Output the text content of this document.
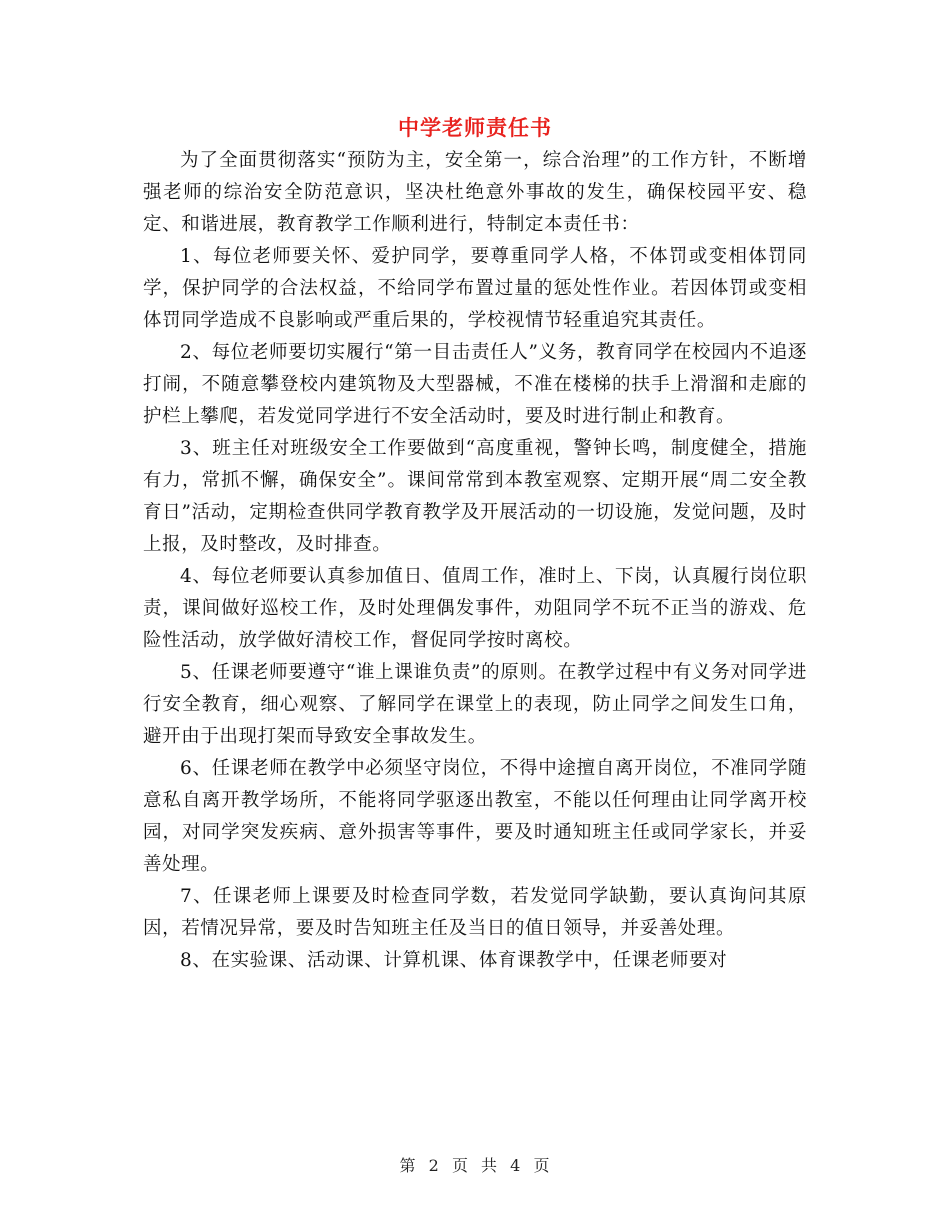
中学老师责任书

为了全面贯彻落实“预防为主，安全第一，综合治理”的工作方针，不断增强老师的综治安全防范意识，坚决杜绝意外事故的发生，确保校园平安、稳定、和谐进展，教育教学工作顺利进行，特制定本责任书：

1、每位老师要关怀、爱护同学，要尊重同学人格，不体罚或变相体罚同学，保护同学的合法权益，不给同学布置过量的惩处性作业。若因体罚或变相体罚同学造成不良影响或严重后果的，学校视情节轻重追究其责任。

2、每位老师要切实履行“第一目击责任人”义务，教育同学在校园内不追逐打闹，不随意攀登校内建筑物及大型器械，不准在楼梯的扶手上滑溜和走廊的护栏上攀爬，若发觉同学进行不安全活动时，要及时进行制止和教育。

3、班主任对班级安全工作要做到“高度重视，警钟长鸣，制度健全，措施有力，常抓不懈，确保安全”。课间常常到本教室观察、定期开展“周二安全教育日”活动，定期检查供同学教育教学及开展活动的一切设施，发觉问题，及时上报，及时整改，及时排查。

4、每位老师要认真参加值日、值周工作，准时上、下岗，认真履行岗位职责，课间做好巡校工作，及时处理偶发事件，劝阻同学不玩不正当的游戏、危险性活动，放学做好清校工作，督促同学按时离校。

5、任课老师要遵守“谁上课谁负责”的原则。在教学过程中有义务对同学进行安全教育，细心观察、了解同学在课堂上的表现，防止同学之间发生口角，避开由于出现打架而导致安全事故发生。

6、任课老师在教学中必须坚守岗位，不得中途擅自离开岗位，不准同学随意私自离开教学场所，不能将同学驱逐出教室，不能以任何理由让同学离开校园，对同学突发疾病、意外损害等事件，要及时通知班主任或同学家长，并妥善处理。

7、任课老师上课要及时检查同学数，若发觉同学缺勤，要认真询问其原因，若情况异常，要及时告知班主任及当日的值日领导，并妥善处理。

8、在实验课、活动课、计算机课、体育课教学中，任课老师要对

第 2 页 共 4 页
